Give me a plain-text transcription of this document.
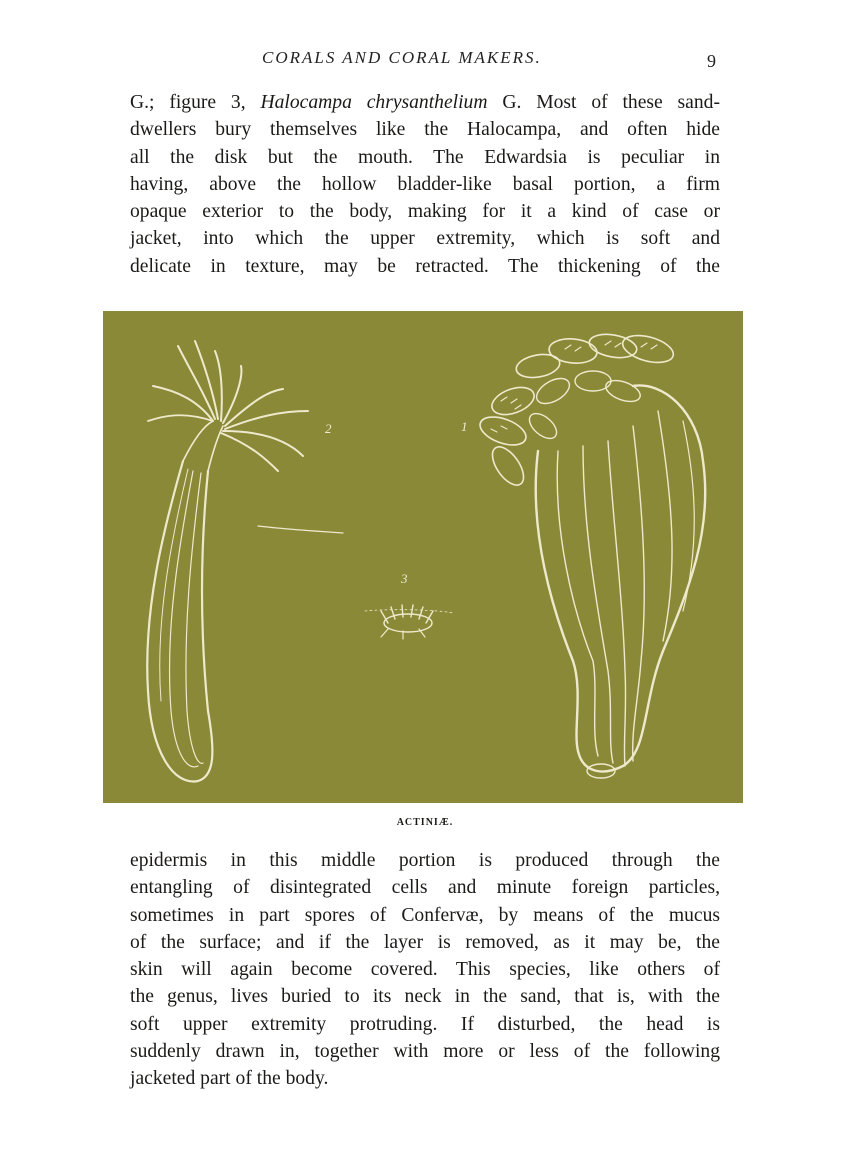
CORALS AND CORAL MAKERS.	9
G.; figure 3, Halocampa chrysanthelium G. Most of these sand-
dwellers bury themselves like the Halocampa, and often hide
all the disk but the mouth. The Edwardsia is peculiar in
having, above the hollow bladder-like basal portion, a firm
opaque exterior to the body, making for it a kind of case or
jacket, into which the upper extremity, which is soft and
delicate in texture, may be retracted. The thickening of the
2	1
3
ACTINIÆ.
epidermis in this middle portion is produced through the
entangling of disintegrated cells and minute foreign particles,
sometimes in part spores of Confervæ, by means of the mucus
of the surface; and if the layer is removed, as it may be, the
skin will again become covered. This species, like others of
the genus, lives buried to its neck in the sand, that is, with the
soft upper extremity protruding. If disturbed, the head is
suddenly drawn in, together with more or less of the following
jacketed part of the body.
